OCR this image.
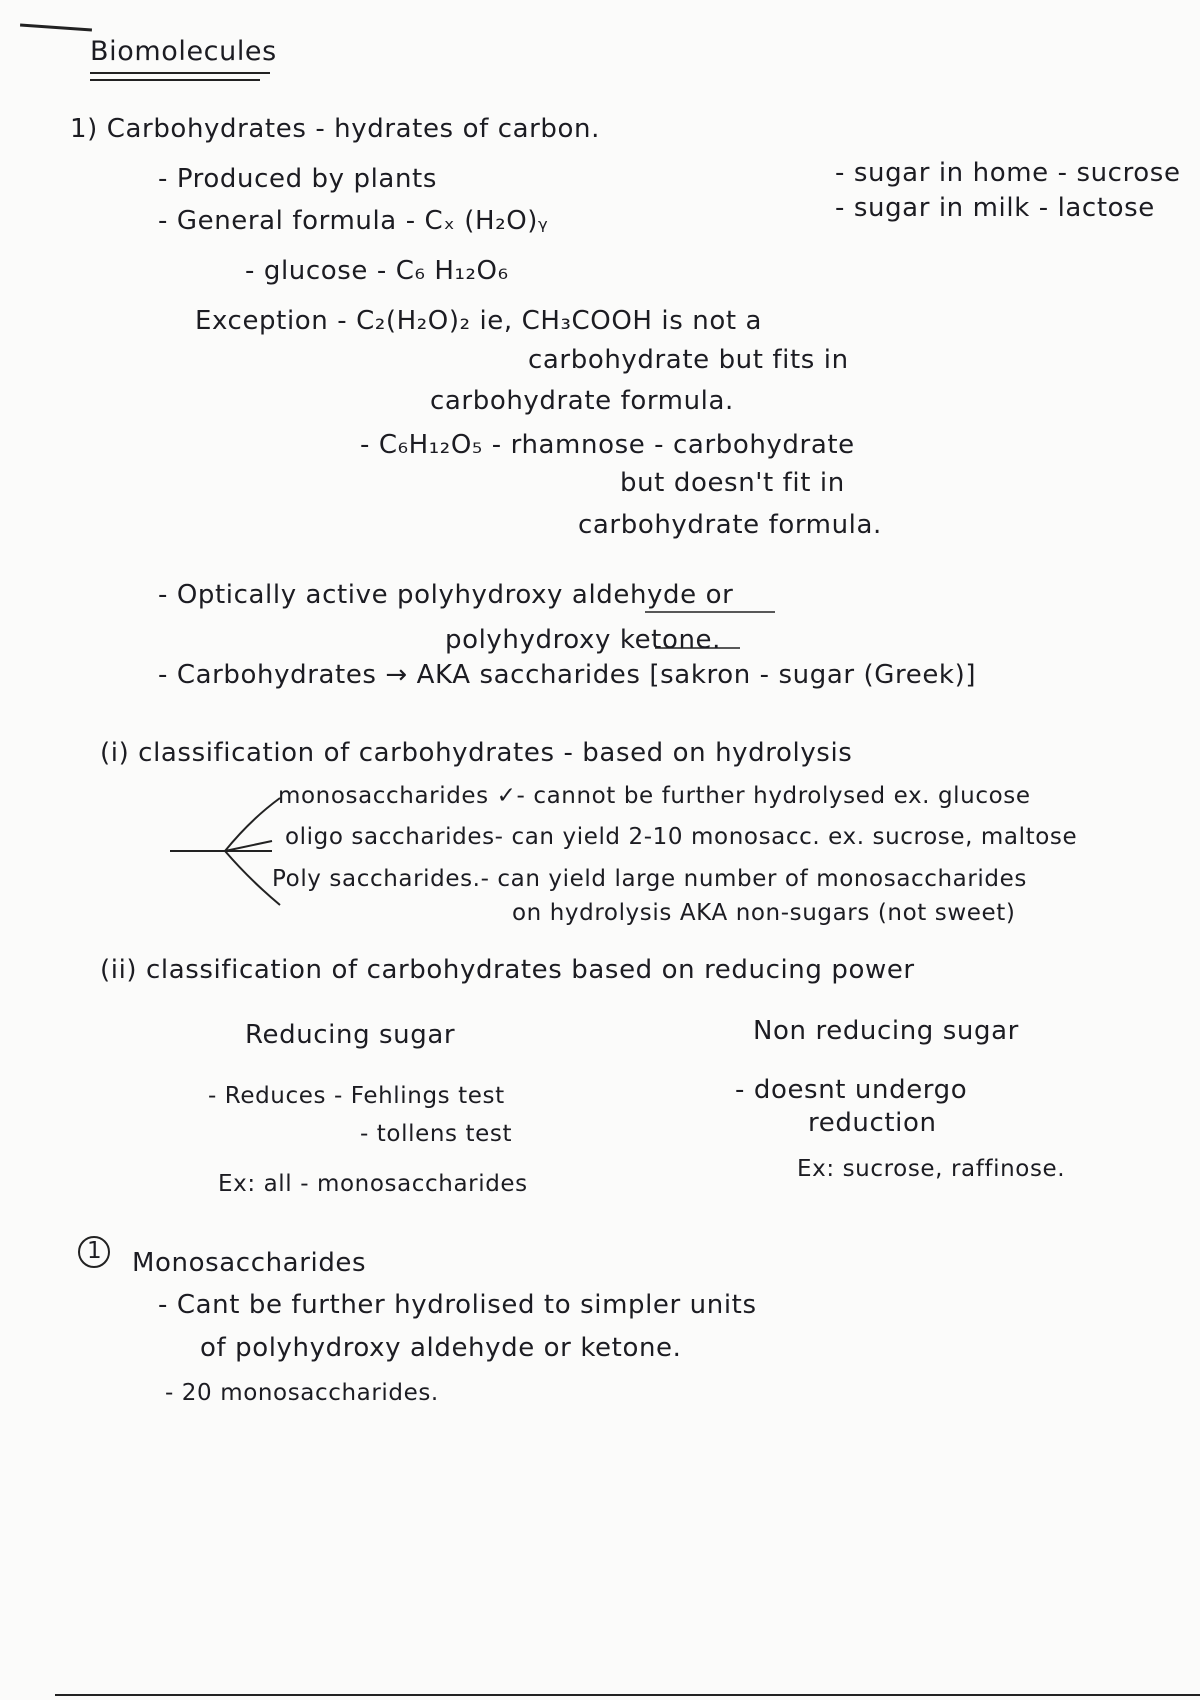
Biomolecules
1) Carbohydrates - hydrates of carbon.
- Produced by plants
- General formula - Cₓ (H₂O)ᵧ
- glucose - C₆ H₁₂O₆
Exception - C₂(H₂O)₂ ie, CH₃COOH is not a
carbohydrate but fits in
carbohydrate formula.
- C₆H₁₂O₅ - rhamnose - carbohydrate
but doesn't fit in
carbohydrate formula.
- sugar in home - sucrose
- sugar in milk - lactose
- Optically active polyhydroxy aldehyde or
polyhydroxy ketone.
- Carbohydrates → AKA saccharides [sakron - sugar (Greek)]
(i) classification of carbohydrates - based on hydrolysis
monosaccharides ✓- cannot be further hydrolysed ex. glucose
oligo saccharides- can yield 2-10 monosacc. ex. sucrose, maltose
Poly saccharides.- can yield large number of monosaccharides
on hydrolysis AKA non-sugars (not sweet)
(ii) classification of carbohydrates based on reducing power
Reducing sugar	Non reducing sugar
- Reduces - Fehlings test
- tollens test
Ex: all - monosaccharides
- doesnt undergo
reduction
Ex: sucrose, raffinose.
1 Monosaccharides
- Cant be further hydrolised to simpler units
of polyhydroxy aldehyde or ketone.
- 20 monosaccharides.
